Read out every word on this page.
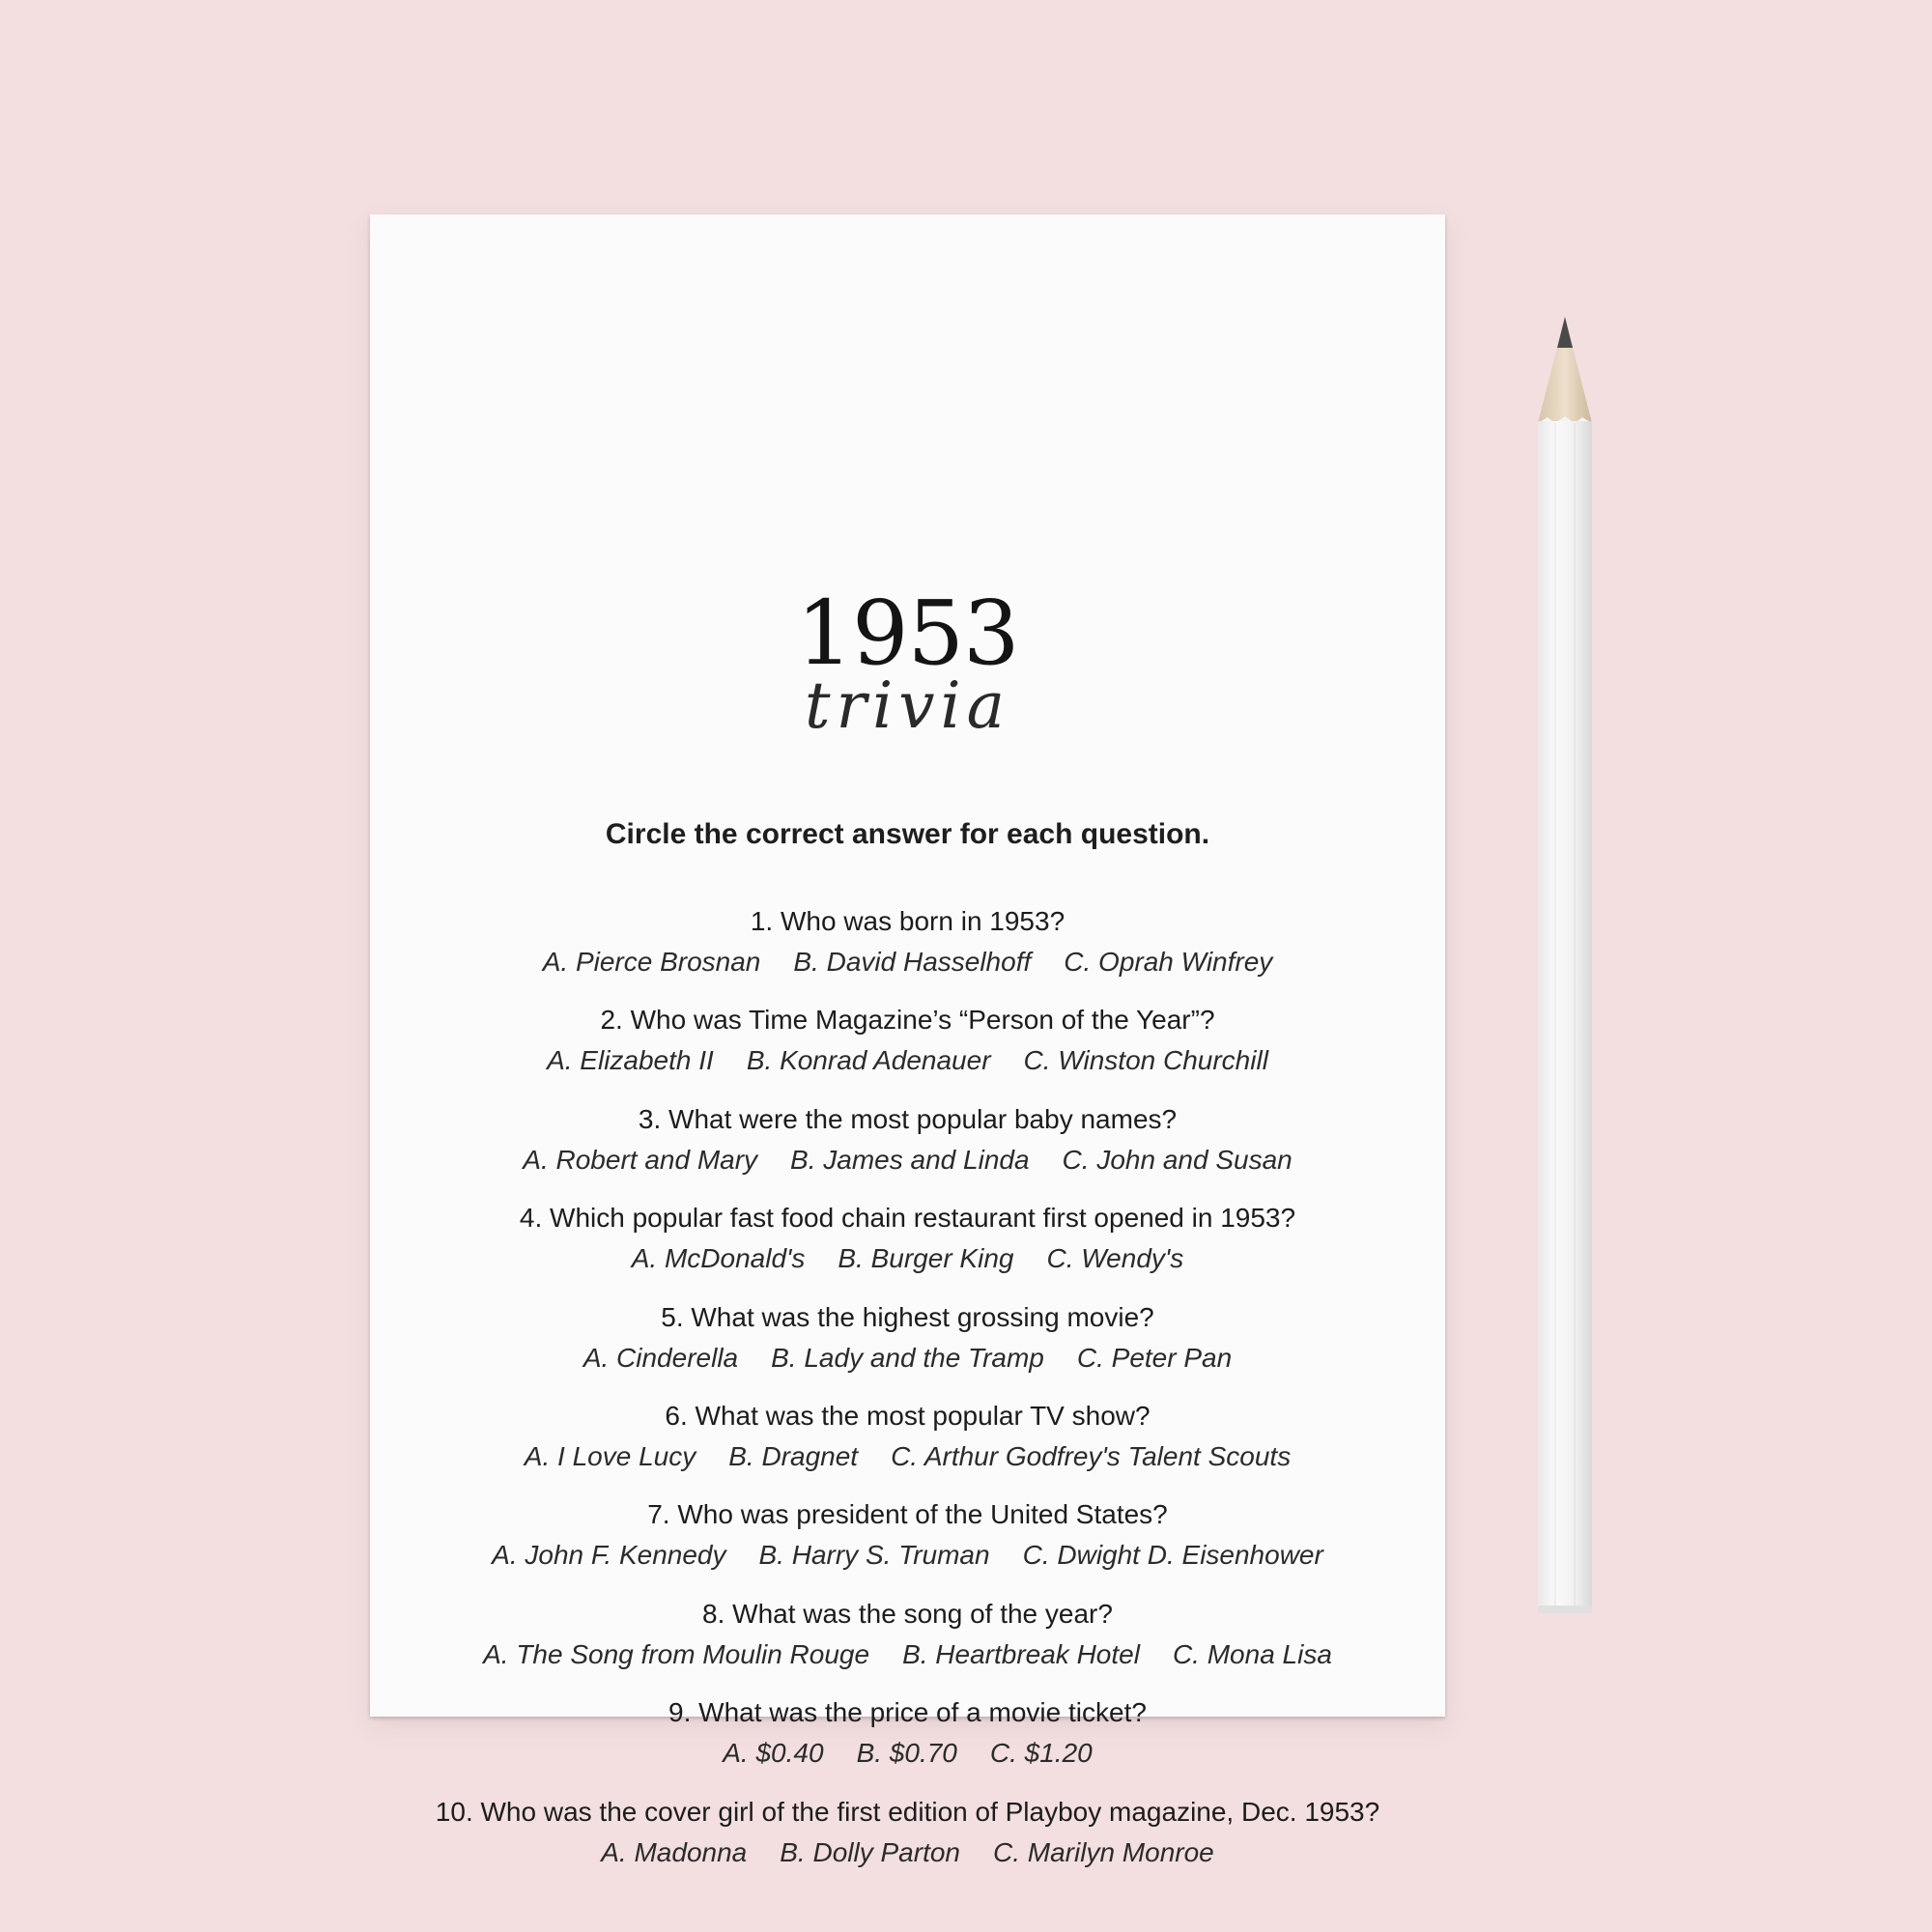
1953
trivia
Circle the correct answer for each question.

1. Who was born in 1953?

A. Pierce Brosnan B. David Hasselhoff C. Oprah Winfrey

2. Who was Time Magazine’s “Person of the Year”?

A. Elizabeth II B. Konrad Adenauer C. Winston Churchill

3. What were the most popular baby names?

A. Robert and Mary B. James and Linda C. John and Susan

4. Which popular fast food chain restaurant first opened in 1953?

A. McDonald's B. Burger King C. Wendy's

5. What was the highest grossing movie?

A. Cinderella B. Lady and the Tramp C. Peter Pan

6. What was the most popular TV show?

A. I Love Lucy B. Dragnet C. Arthur Godfrey's Talent Scouts

7. Who was president of the United States?

A. John F. Kennedy B. Harry S. Truman C. Dwight D. Eisenhower

8. What was the song of the year?

A. The Song from Moulin Rouge B. Heartbreak Hotel C. Mona Lisa

9. What was the price of a movie ticket?

A. $0.40 B. $0.70 C. $1.20

10. Who was the cover girl of the first edition of Playboy magazine, Dec. 1953?

A. Madonna B. Dolly Parton C. Marilyn Monroe
